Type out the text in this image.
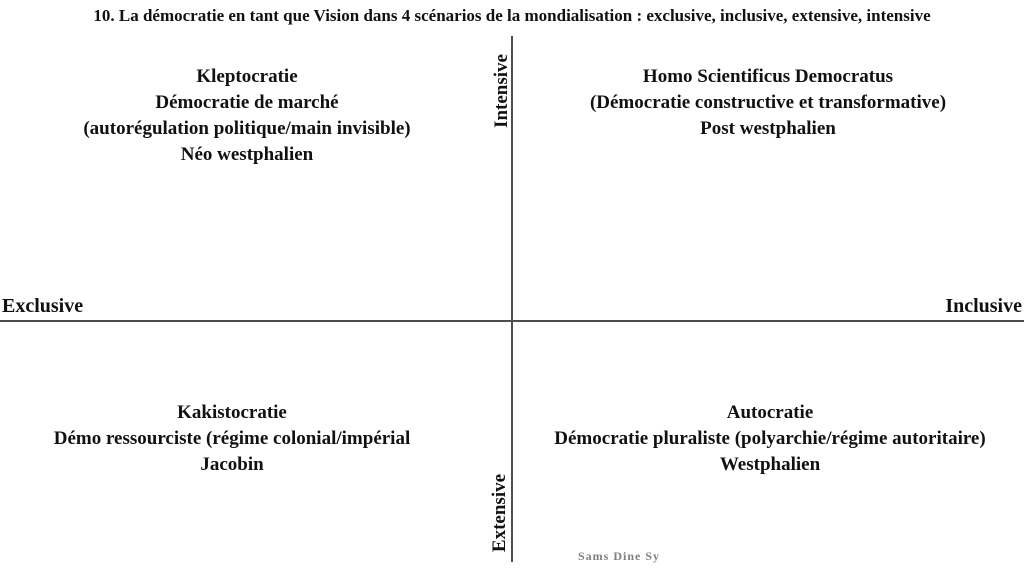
10. La démocratie en tant que Vision dans 4 scénarios de la mondialisation : exclusive, inclusive, extensive, intensive
Intensive
Extensive
Exclusive	Inclusive
Kleptocratie
Démocratie de marché
(autorégulation politique/main invisible)
Néo westphalien
Homo Scientificus Democratus
(Démocratie constructive et transformative)
Post westphalien
Kakistocratie
Démo ressourciste (régime colonial/impérial
Jacobin
Autocratie
Démocratie pluraliste (polyarchie/régime autoritaire)
Westphalien
Sams Dine Sy
